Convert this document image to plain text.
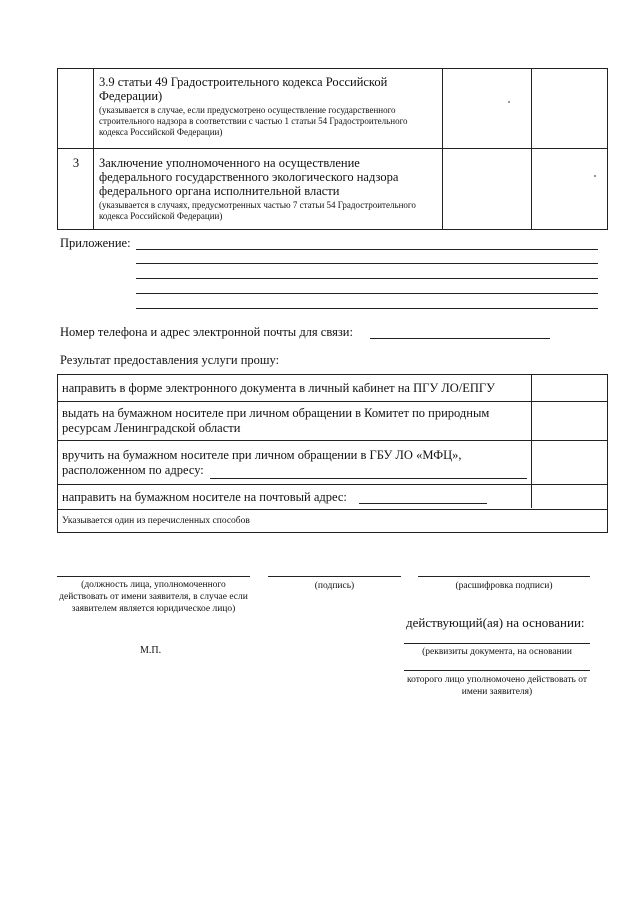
3.9 статьи 49 Градостроительного кодекса Российской Федерации)
(указывается в случае, если предусмотрено осуществление государственного строительного надзора в соответствии с частью 1 статьи 54 Градостроительного кодекса Российской Федерации)
3	Заключение уполномоченного на осуществление федерального государственного экологического надзора федерального органа исполнительной власти
(указывается в случаях, предусмотренных частью 7 статьи 54 Градостроительного кодекса Российской Федерации)
Приложение:
Номер телефона и адрес электронной почты для связи:
Результат предоставления услуги прошу:
направить в форме электронного документа в личный кабинет на ПГУ ЛО/ЕПГУ
выдать на бумажном носителе при личном обращении в Комитет по природным
ресурсам Ленинградской области
вручить на бумажном носителе при личном обращении в ГБУ ЛО «МФЦ»,
расположенном по адресу:
направить на бумажном носителе на почтовый адрес:
Указывается один из перечисленных способов
(должность лица, уполномоченного действовать от имени заявителя, в случае если заявителем является юридическое лицо)
(подпись)	(расшифровка подписи)
действующий(ая) на основании:
(реквизиты документа, на основании
которого лицо уполномочено действовать от имени заявителя)
М.П.
